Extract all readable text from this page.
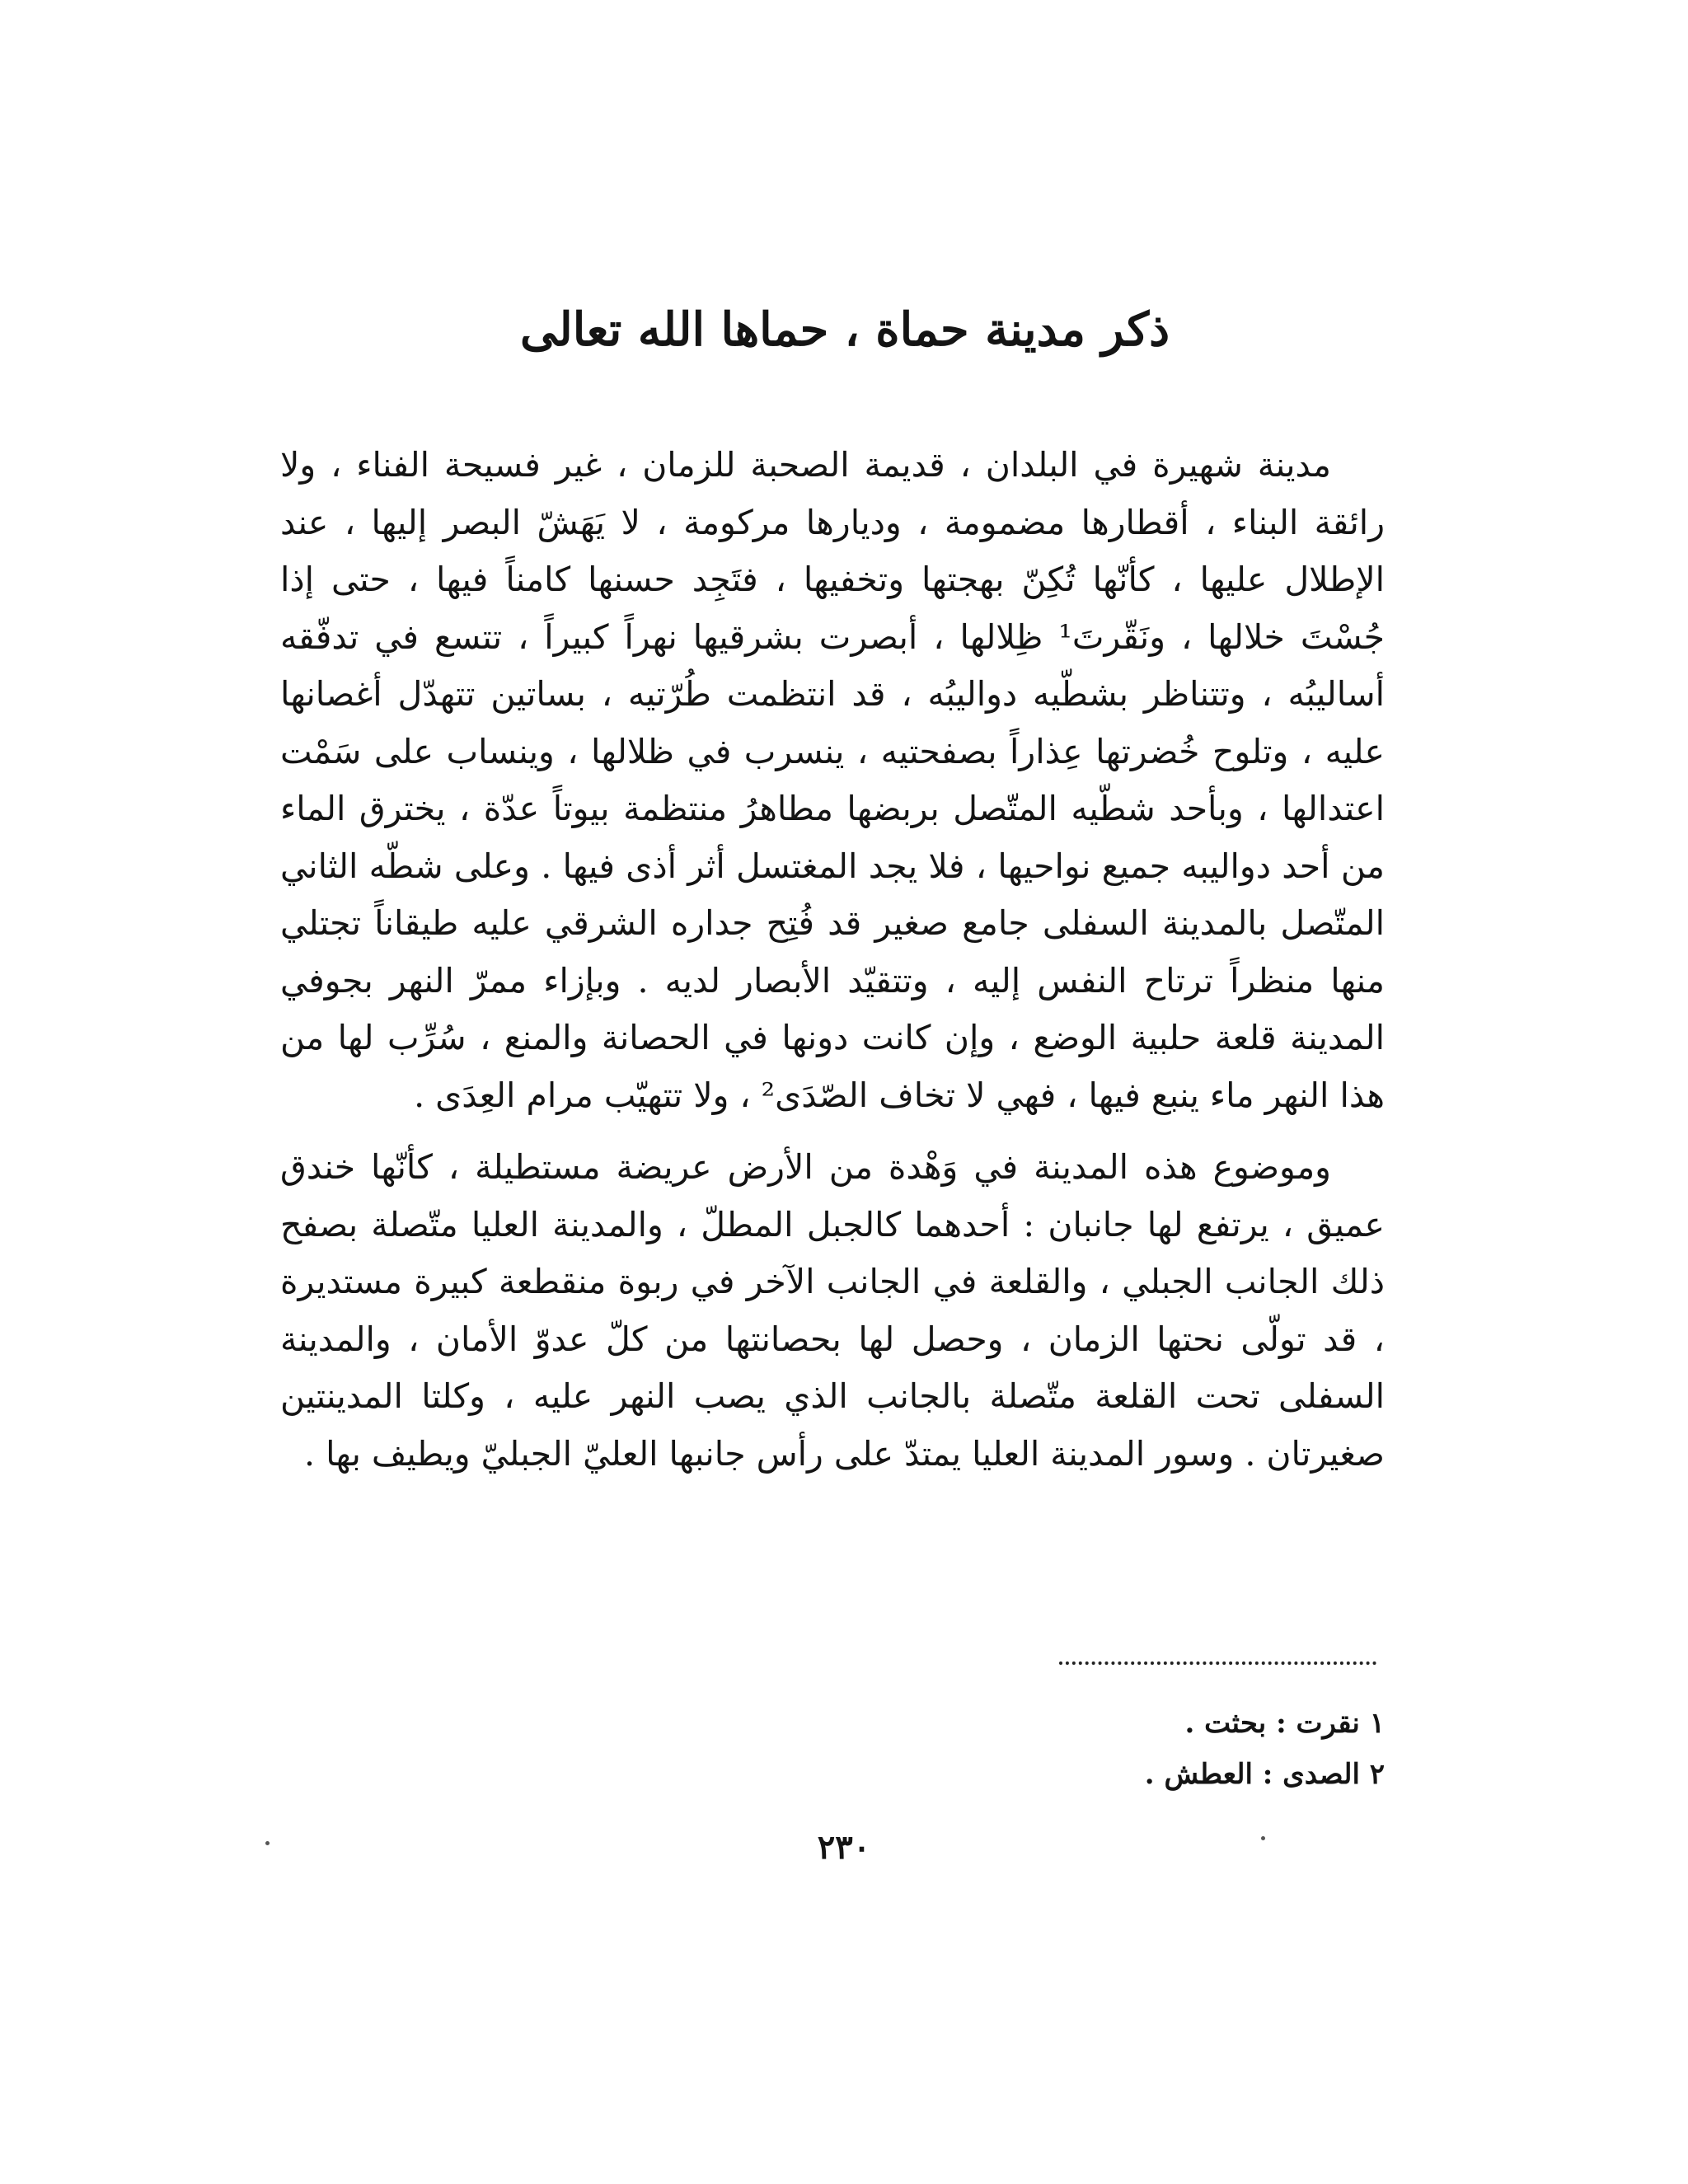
ذكر مدينة حماة ، حماها الله تعالى

مدينة شهيرة في البلدان ، قديمة الصحبة للزمان ، غير فسيحة الفناء ، ولا رائقة البناء ، أقطارها مضمومة ، وديارها مركومة ، لا يَهَشّ البصر إليها ، عند الإطلال عليها ، كأنّها تُكِنّ بهجتها وتخفيها ، فتَجِد حسنها كامناً فيها ، حتى إذا جُسْتَ خلالها ، ونَقّرتَ¹ ظِلالها ، أبصرت بشرقيها نهراً كبيراً ، تتسع في تدفّقه أساليبُه ، وتتناظر بشطّيه دواليبُه ، قد انتظمت طُرّتيه ، بساتين تتهدّل أغصانها عليه ، وتلوح خُضرتها عِذاراً بصفحتيه ، ينسرب في ظلالها ، وينساب على سَمْت اعتدالها ، وبأحد شطّيه المتّصل بربضها مطاهرُ منتظمة بيوتاً عدّة ، يخترق الماء من أحد دواليبه جميع نواحيها ، فلا يجد المغتسل أثر أذى فيها . وعلى شطّه الثاني المتّصل بالمدينة السفلى جامع صغير قد فُتِح جداره الشرقي عليه طيقاناً تجتلي منها منظراً ترتاح النفس إليه ، وتتقيّد الأبصار لديه . وبإزاء ممرّ النهر بجوفي المدينة قلعة حلبية الوضع ، وإن كانت دونها في الحصانة والمنع ، سُرِّب لها من هذا النهر ماء ينبع فيها ، فهي لا تخاف الصّدَى² ، ولا تتهيّب مرام العِدَى .

وموضوع هذه المدينة في وَهْدة من الأرض عريضة مستطيلة ، كأنّها خندق عميق ، يرتفع لها جانبان : أحدهما كالجبل المطلّ ، والمدينة العليا متّصلة بصفح ذلك الجانب الجبلي ، والقلعة في الجانب الآخر في ربوة منقطعة كبيرة مستديرة ، قد تولّى نحتها الزمان ، وحصل لها بحصانتها من كلّ عدوّ الأمان ، والمدينة السفلى تحت القلعة متّصلة بالجانب الذي يصب النهر عليه ، وكلتا المدينتين صغيرتان . وسور المدينة العليا يمتدّ على رأس جانبها العليّ الجبليّ ويطيف بها .

١ نقرت : بحثت .
٢ الصدى : العطش .
٢٣٠
